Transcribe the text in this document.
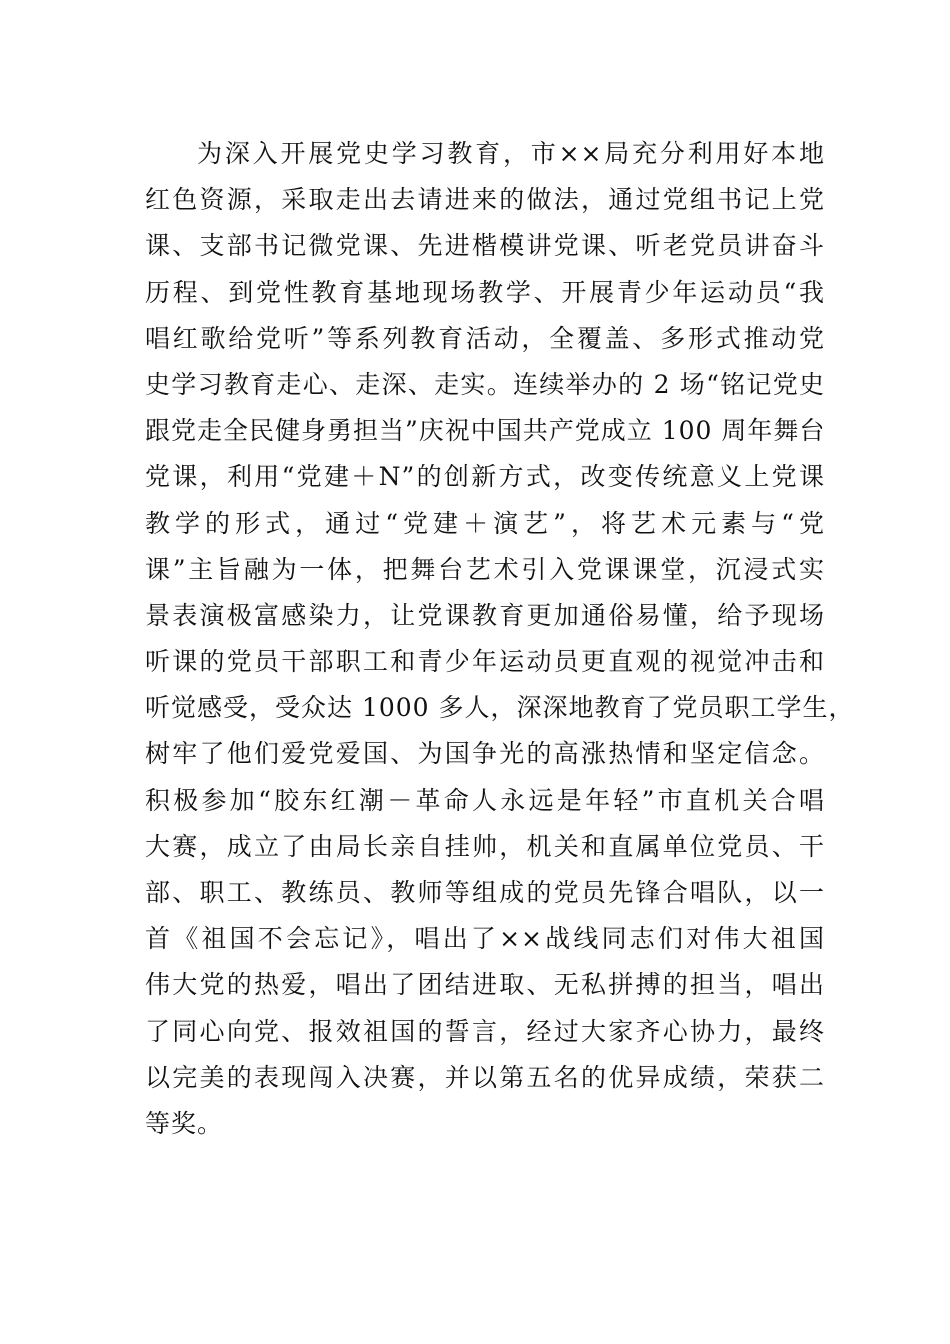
为深入开展党史学习教育，市××局充分利用好本地
红色资源，采取走出去请进来的做法，通过党组书记上党
课、支部书记微党课、先进楷模讲党课、听老党员讲奋斗
历程、到党性教育基地现场教学、开展青少年运动员“我
唱红歌给党听”等系列教育活动，全覆盖、多形式推动党
史学习教育走心、走深、走实。连续举办的 2 场“铭记党史
跟党走全民健身勇担当”庆祝中国共产党成立 100 周年舞台
党课，利用“党建＋N”的创新方式，改变传统意义上党课
教学的形式，通过“党建＋演艺”，将艺术元素与“党
课”主旨融为一体，把舞台艺术引入党课课堂，沉浸式实
景表演极富感染力，让党课教育更加通俗易懂，给予现场
听课的党员干部职工和青少年运动员更直观的视觉冲击和
听觉感受，受众达 1000 多人，深深地教育了党员职工学生，
树牢了他们爱党爱国、为国争光的高涨热情和坚定信念。
积极参加“胶东红潮－革命人永远是年轻”市直机关合唱
大赛，成立了由局长亲自挂帅，机关和直属单位党员、干
部、职工、教练员、教师等组成的党员先锋合唱队，以一
首《祖国不会忘记》，唱出了××战线同志们对伟大祖国
伟大党的热爱，唱出了团结进取、无私拼搏的担当，唱出
了同心向党、报效祖国的誓言，经过大家齐心协力，最终
以完美的表现闯入决赛，并以第五名的优异成绩，荣获二
等奖。
